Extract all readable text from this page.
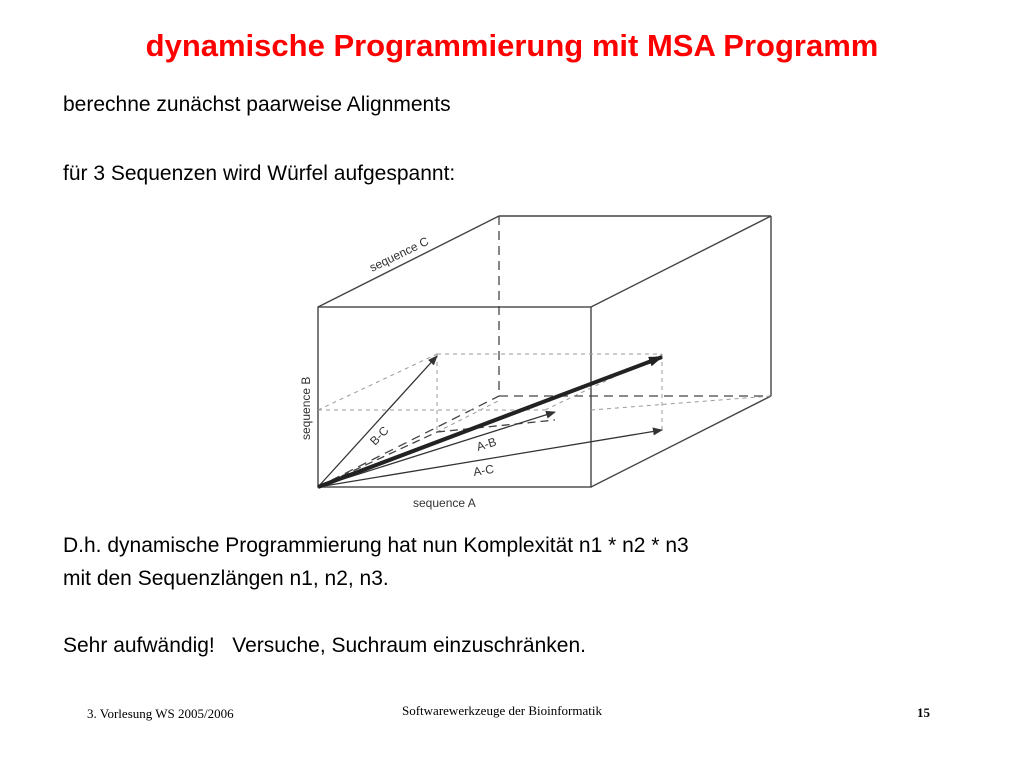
dynamische Programmierung mit MSA Programm
berechne zunächst paarweise Alignments
für 3 Sequenzen wird Würfel aufgespannt:
sequence A
sequence B
sequence C
B-C	A-B
A-C
D.h. dynamische Programmierung hat nun Komplexität n1 * n2 * n3
mit den Sequenzlängen n1, n2, n3.
Sehr aufwändig!   Versuche, Suchraum einzuschränken.
3. Vorlesung WS 2005/2006	Softwarewerkzeuge der Bioinformatik	15
